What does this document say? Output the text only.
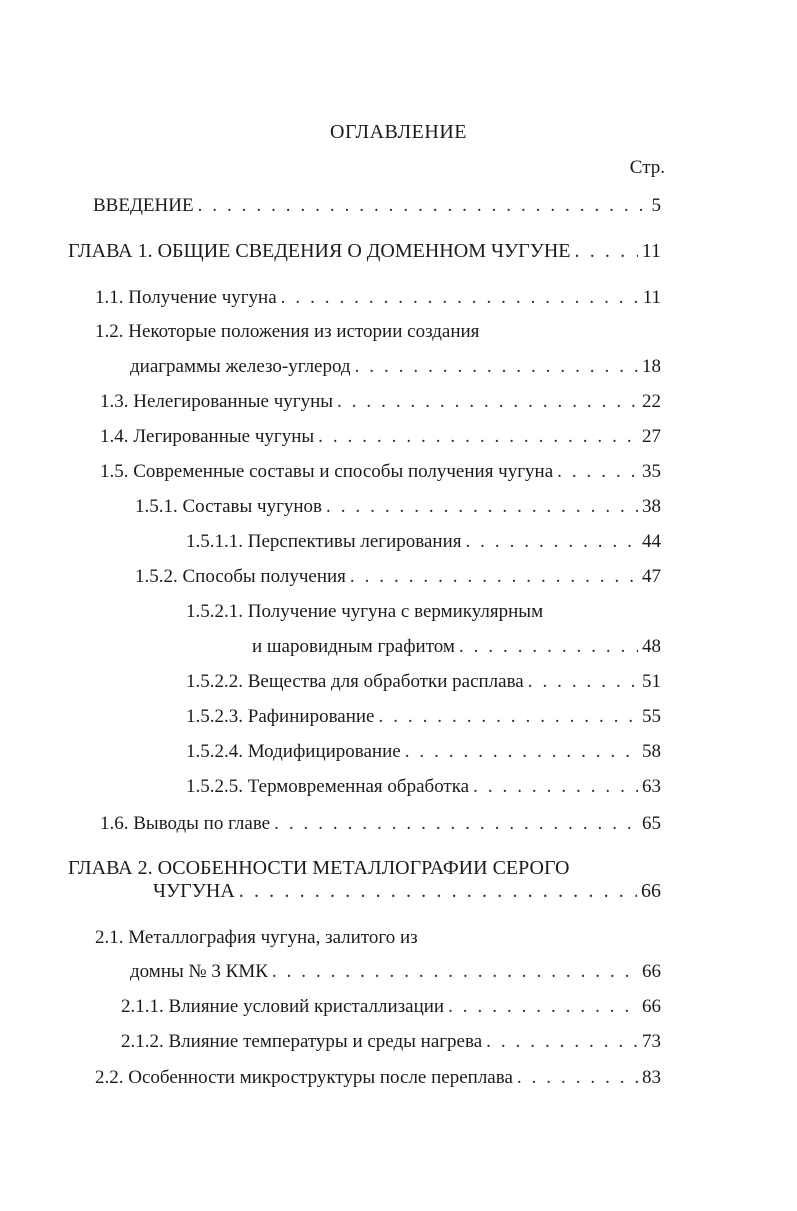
ОГЛАВЛЕНИЕ
Стр.
ВВЕДЕНИЕ . . .	5
ГЛАВА 1. ОБЩИЕ СВЕДЕНИЯ О ДОМЕННОМ ЧУГУНЕ . . .	11
1.1. Получение чугуна . . .	11
1.2. Некоторые положения из истории создания
диаграммы железо-углерод . . .	18
1.3. Нелегированные чугуны . . .	22
1.4. Легированные чугуны . . .	27
1.5. Современные составы и способы получения чугуна . . .	35
1.5.1. Составы чугунов . . .	38
1.5.1.1. Перспективы легирования . . .	44
1.5.2. Способы получения . . .	47
1.5.2.1. Получение чугуна с вермикулярным
и шаровидным графитом . . .	48
1.5.2.2. Вещества для обработки расплава . . .	51
1.5.2.3. Рафинирование . . .	55
1.5.2.4. Модифицирование . . .	58
1.5.2.5. Термовременная обработка . . .	63
1.6. Выводы по главе . . .	65
ГЛАВА 2. ОСОБЕННОСТИ МЕТАЛЛОГРАФИИ СЕРОГО
ЧУГУНА . . .	66
2.1. Металлография чугуна, залитого из
домны № 3 КМК . . .	66
2.1.1. Влияние условий кристаллизации . . .	66
2.1.2. Влияние температуры и среды нагрева . . .	73
2.2. Особенности микроструктуры после переплава . . .	83
